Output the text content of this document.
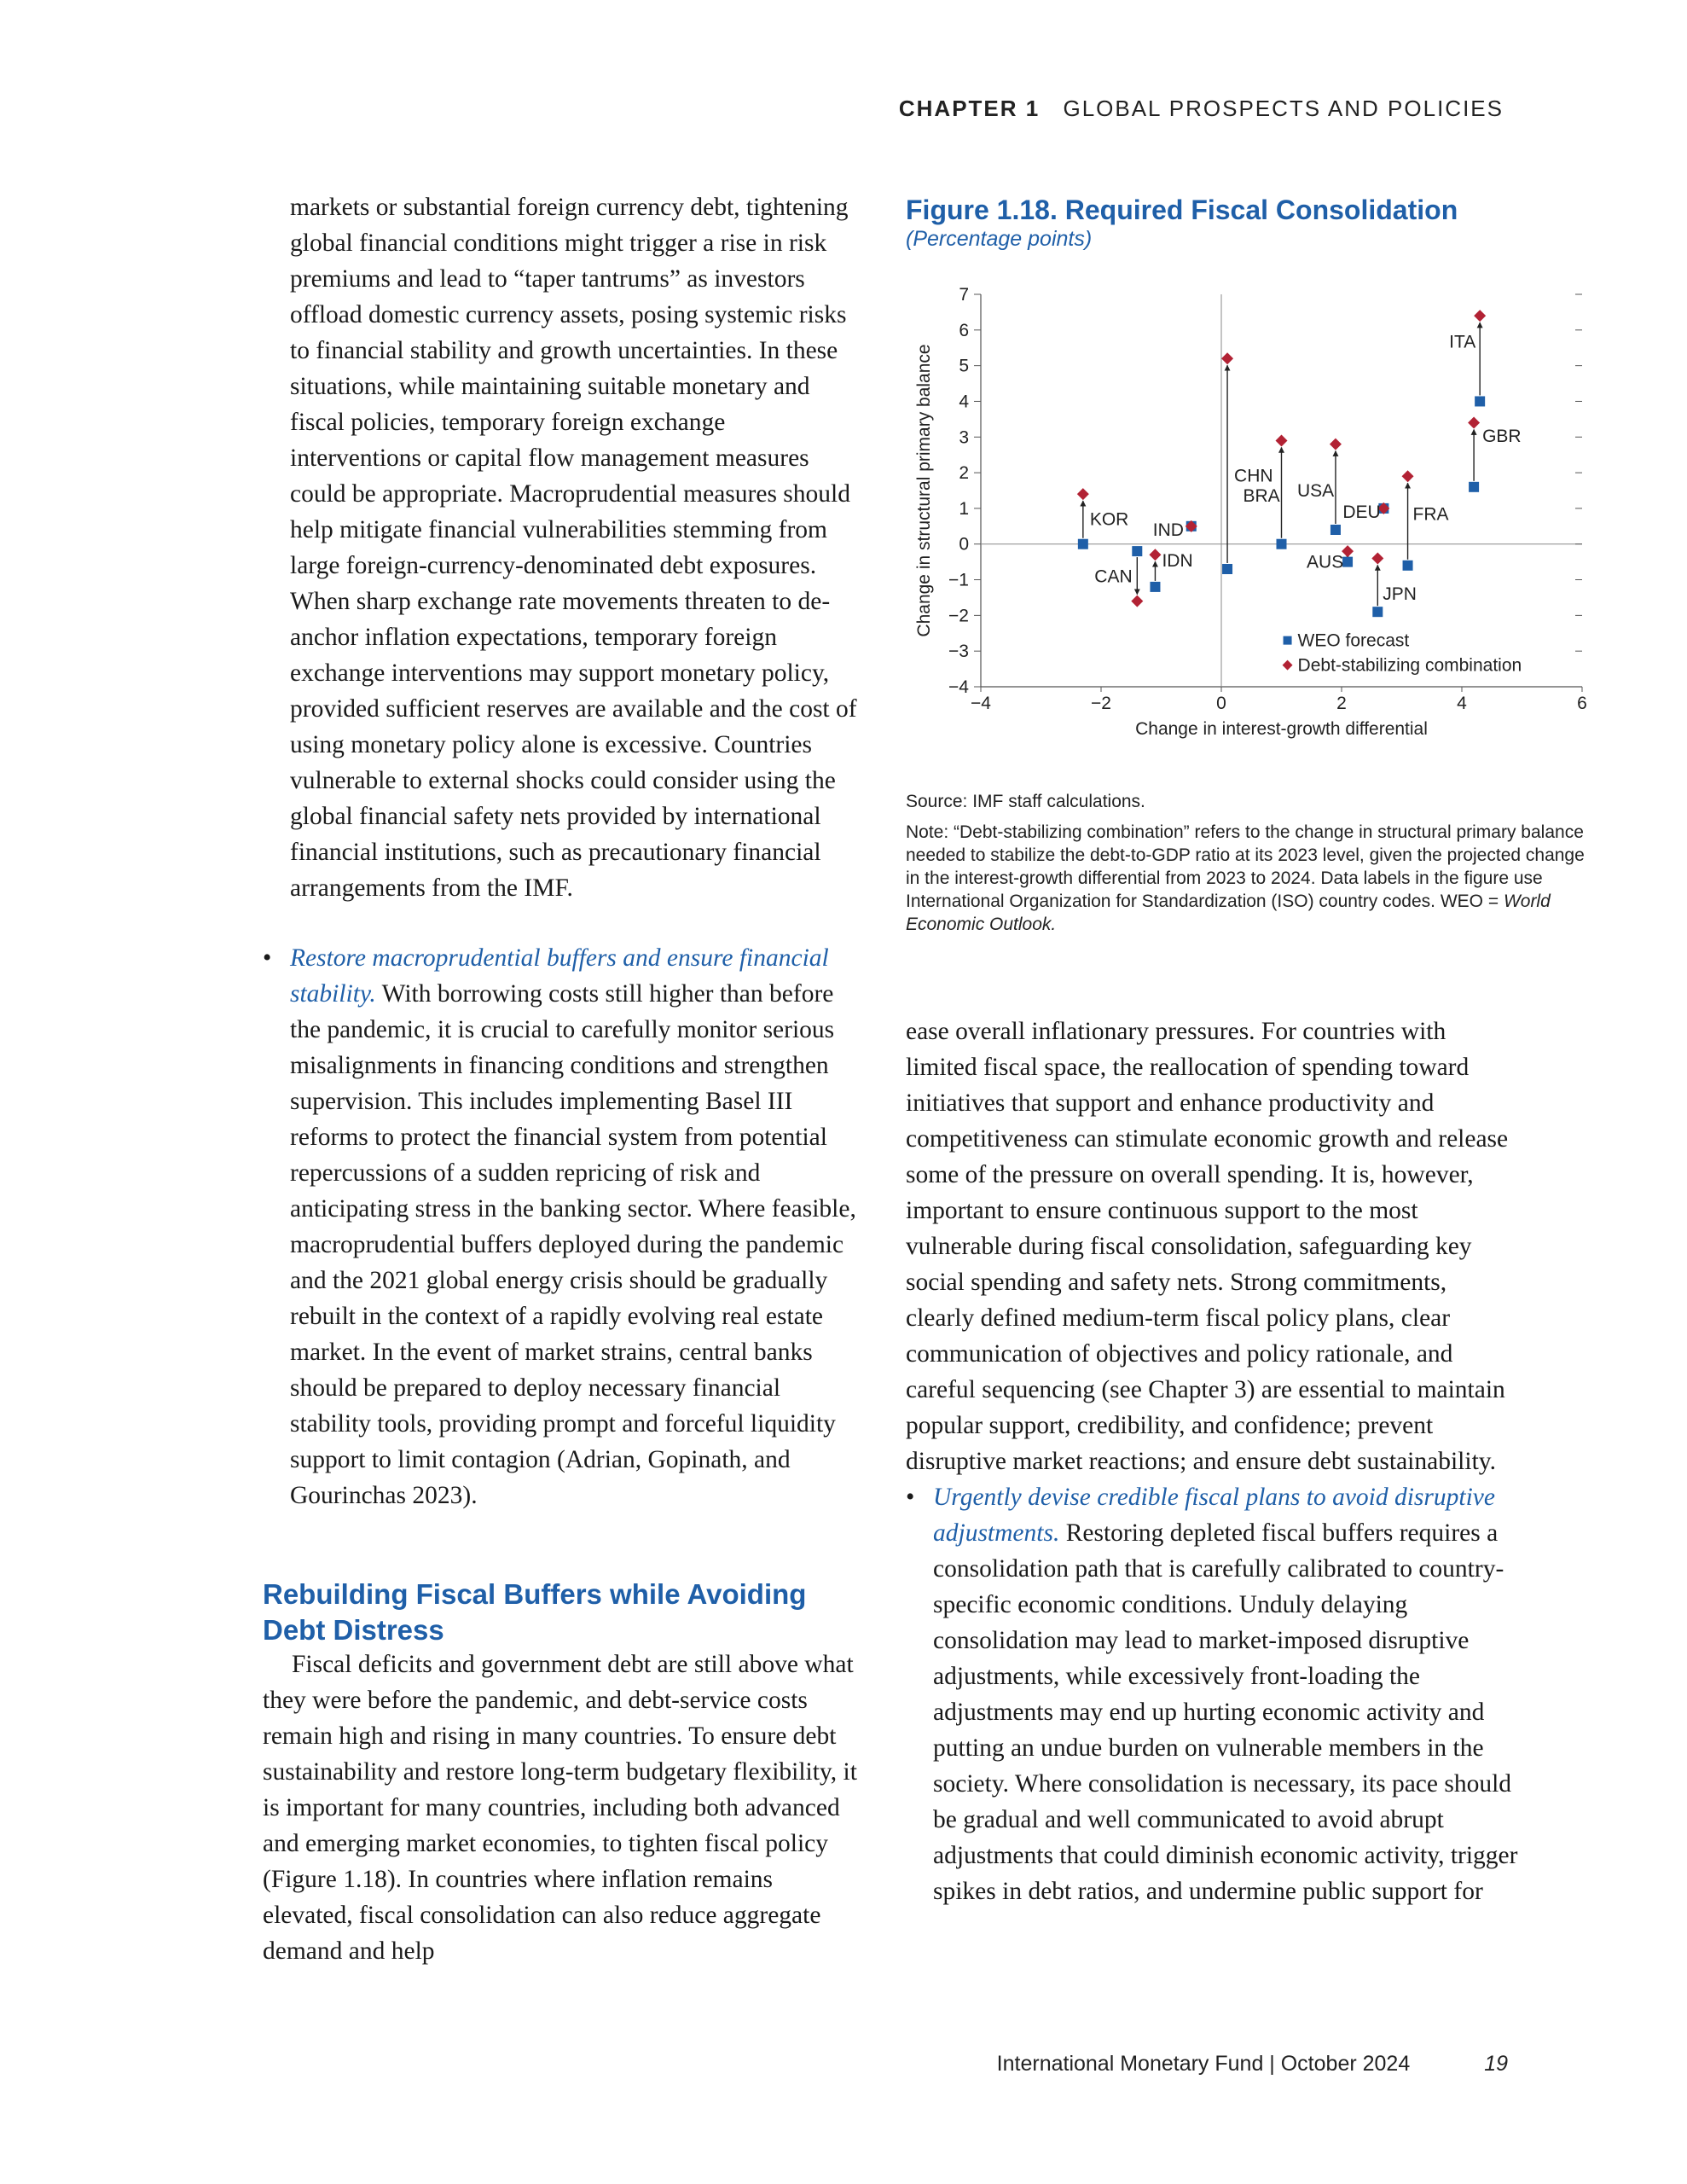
CHAPTER 1 GLOBAL PROSPECTS AND POLICIES

markets or substantial foreign currency debt, tightening global financial conditions might trigger a rise in risk premiums and lead to “taper tantrums” as investors offload domestic currency assets, posing systemic risks to financial stability and growth uncertainties. In these situations, while maintaining suitable monetary and fiscal policies, temporary foreign exchange interventions or capital flow management measures could be appropriate. Macroprudential measures should help mitigate financial vulnerabilities stemming from large foreign-currency-denominated debt exposures. When sharp exchange rate movements threaten to de-anchor inflation expectations, temporary foreign exchange interventions may support monetary policy, provided sufficient reserves are available and the cost of using monetary policy alone is excessive. Countries vulnerable to external shocks could consider using the global financial safety nets provided by international financial institutions, such as precautionary financial arrangements from the IMF.

• Restore macroprudential buffers and ensure financial stability. With borrowing costs still higher than before the pandemic, it is crucial to carefully monitor serious misalignments in financing conditions and strengthen supervision. This includes implementing Basel III reforms to protect the financial system from potential repercussions of a sudden repricing of risk and anticipating stress in the banking sector. Where feasible, macroprudential buffers deployed during the pandemic and the 2021 global energy crisis should be gradually rebuilt in the context of a rapidly evolving real estate market. In the event of market strains, central banks should be prepared to deploy necessary financial stability tools, providing prompt and forceful liquidity support to limit contagion (Adrian, Gopinath, and Gourinchas 2023).
Rebuilding Fiscal Buffers while Avoiding Debt Distress

Fiscal deficits and government debt are still above what they were before the pandemic, and debt-service costs remain high and rising in many countries. To ensure debt sustainability and restore long-term budgetary flexibility, it is important for many countries, including both advanced and emerging market economies, to tighten fiscal policy (Figure 1.18). In countries where inflation remains elevated, fiscal consolidation can also reduce aggregate demand and help

Figure 1.18. Required Fiscal Consolidation
(Percentage points)
−4
−3
−2
−1
0
1
2
3
4
5
6
7
−4	−2	0	2	4	6
Change in interest-growth differential
Change in structural primary balance	KOR
CAN
IDN
IND
CHN
BRA USA
AUS
DEU
JPN
FRA
ITA
GBR
WEO forecast
Debt-stabilizing combination
Source: IMF staff calculations.
Note: “Debt-stabilizing combination” refers to the change in structural primary balance needed to stabilize the debt-to-GDP ratio at its 2023 level, given the projected change in the interest-growth differential from 2023 to 2024. Data labels in the figure use International Organization for Standardization (ISO) country codes. WEO = World Economic Outlook.

ease overall inflationary pressures. For countries with limited fiscal space, the reallocation of spending toward initiatives that support and enhance productivity and competitiveness can stimulate economic growth and release some of the pressure on overall spending. It is, however, important to ensure continuous support to the most vulnerable during fiscal consolidation, safeguarding key social spending and safety nets. Strong commitments, clearly defined medium-term fiscal policy plans, clear communication of objectives and policy rationale, and careful sequencing (see Chapter 3) are essential to maintain popular support, credibility, and confidence; prevent disruptive market reactions; and ensure debt sustainability.

• Urgently devise credible fiscal plans to avoid disruptive adjustments. Restoring depleted fiscal buffers requires a consolidation path that is carefully calibrated to country-specific economic conditions. Unduly delaying consolidation may lead to market-imposed disruptive adjustments, while excessively front-loading the adjustments may end up hurting economic activity and putting an undue burden on vulnerable members in the society. Where consolidation is necessary, its pace should be gradual and well communicated to avoid abrupt adjustments that could diminish economic activity, trigger spikes in debt ratios, and undermine public support for
International Monetary Fund | October 2024	19
